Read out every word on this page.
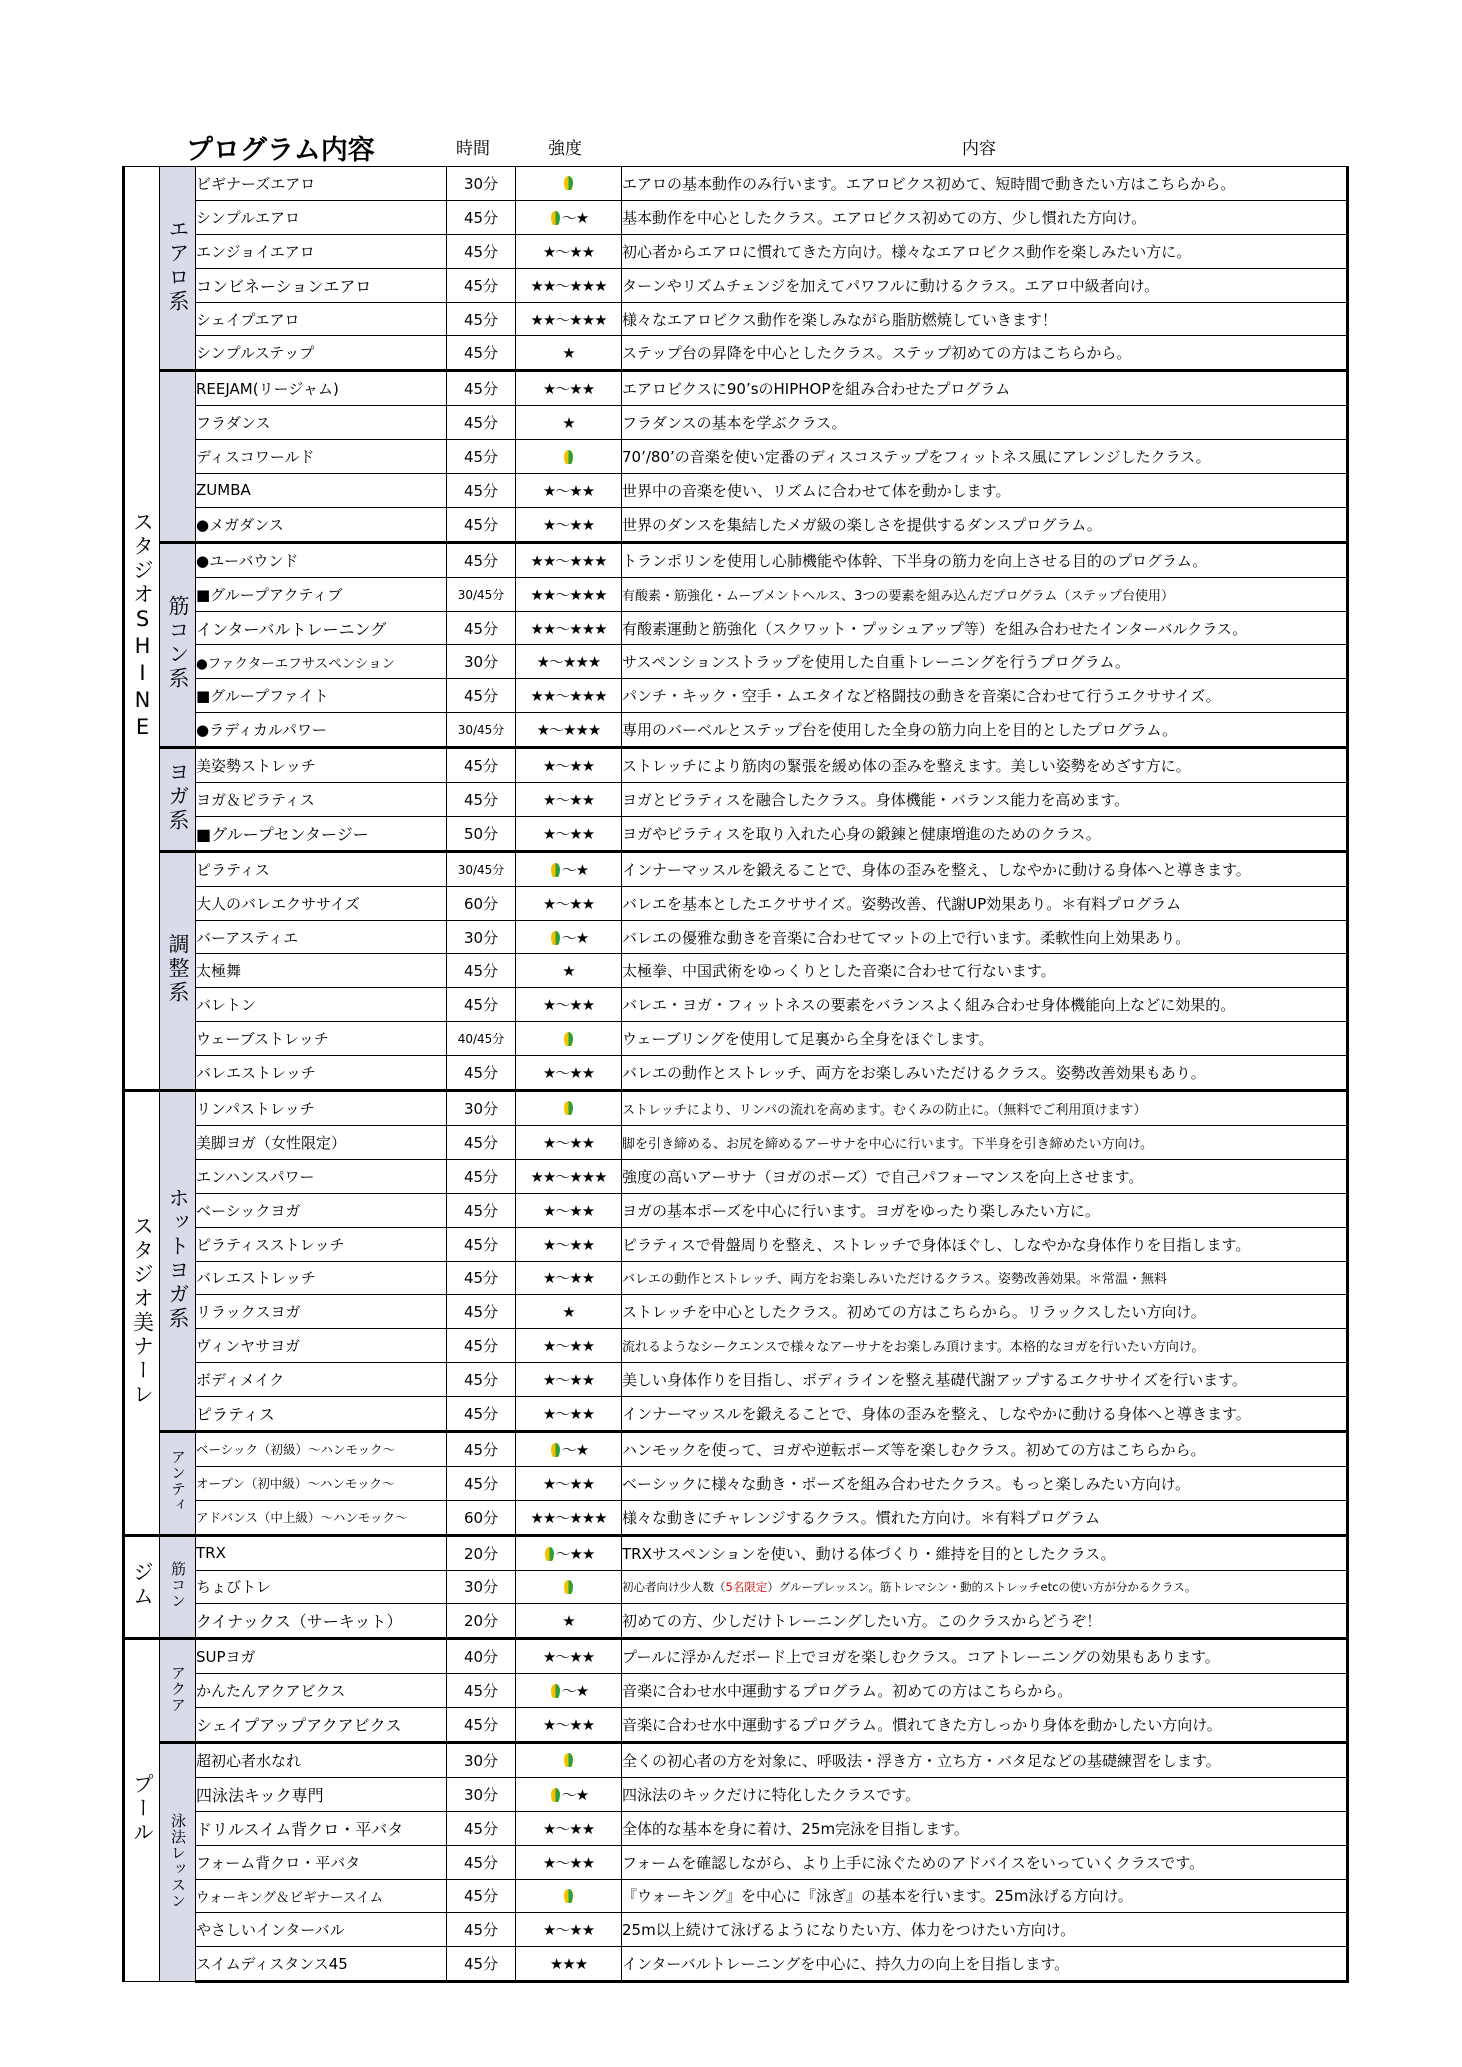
プログラム内容	時間	強度	内容
スタジオSHINE	エアロ系	ビギナーズエアロ	30分		エアロの基本動作のみ行います。エアロビクス初めて、短時間で動きたい方はこちらから。
		シンプルエアロ	45分	～★	基本動作を中心としたクラス。エアロビクス初めての方、少し慣れた方向け。
		エンジョイエアロ	45分	★～★★	初心者からエアロに慣れてきた方向け。様々なエアロビクス動作を楽しみたい方に。
		コンビネーションエアロ	45分	★★～★★★	ターンやリズムチェンジを加えてパワフルに動けるクラス。エアロ中級者向け。
		シェイプエアロ	45分	★★～★★★	様々なエアロビクス動作を楽しみながら脂肪燃焼していきます！
		シンプルステップ	45分	★	ステップ台の昇降を中心としたクラス。ステップ初めての方はこちらから。
		REEJAM(リージャム)	45分	★～★★	エアロビクスに90’sのHIPHOPを組み合わせたプログラム
		フラダンス	45分	★	フラダンスの基本を学ぶクラス。
		ディスコワールド	45分		70’/80’の音楽を使い定番のディスコステップをフィットネス風にアレンジしたクラス。
		ZUMBA	45分	★～★★	世界中の音楽を使い、リズムに合わせて体を動かします。
		●メガダンス	45分	★～★★	世界のダンスを集結したメガ級の楽しさを提供するダンスプログラム。
	筋コン系	●ユーバウンド	45分	★★～★★★	トランポリンを使用し心肺機能や体幹、下半身の筋力を向上させる目的のプログラム。
		■グループアクティブ	30/45分	★★～★★★	有酸素・筋強化・ムーブメントヘルス、3つの要素を組み込んだプログラム（ステップ台使用）
		インターバルトレーニング	45分	★★～★★★	有酸素運動と筋強化（スクワット・プッシュアップ等）を組み合わせたインターバルクラス。
		●ファクターエフサスペンション	30分	★～★★★	サスペンションストラップを使用した自重トレーニングを行うプログラム。
		■グループファイト	45分	★★～★★★	パンチ・キック・空手・ムエタイなど格闘技の動きを音楽に合わせて行うエクササイズ。
		●ラディカルパワー	30/45分	★～★★★	専用のバーベルとステップ台を使用した全身の筋力向上を目的としたプログラム。
	ヨガ系	美姿勢ストレッチ	45分	★～★★	ストレッチにより筋肉の緊張を緩め体の歪みを整えます。美しい姿勢をめざす方に。
		ヨガ＆ピラティス	45分	★～★★	ヨガとピラティスを融合したクラス。身体機能・バランス能力を高めます。
		■グループセンタージー	50分	★～★★	ヨガやピラティスを取り入れた心身の鍛錬と健康増進のためのクラス。
	調整系	ピラティス	30/45分	～★	インナーマッスルを鍛えることで、身体の歪みを整え、しなやかに動ける身体へと導きます。
		大人のバレエクササイズ	60分	★～★★	バレエを基本としたエクササイズ。姿勢改善、代謝UP効果あり。＊有料プログラム
		バーアスティエ	30分	～★	バレエの優雅な動きを音楽に合わせてマットの上で行います。柔軟性向上効果あり。
		太極舞	45分	★	太極拳、中国武術をゆっくりとした音楽に合わせて行ないます。
		バレトン	45分	★～★★	バレエ・ヨガ・フィットネスの要素をバランスよく組み合わせ身体機能向上などに効果的。
		ウェーブストレッチ	40/45分		ウェーブリングを使用して足裏から全身をほぐします。
		バレエストレッチ	45分	★～★★	バレエの動作とストレッチ、両方をお楽しみいただけるクラス。姿勢改善効果もあり。
スタジオ美ナーレ	ホットヨガ系	リンパストレッチ	30分		ストレッチにより、リンパの流れを高めます。むくみの防止に。（無料でご利用頂けます）
		美脚ヨガ（女性限定）	45分	★～★★	脚を引き締める、お尻を締めるアーサナを中心に行います。下半身を引き締めたい方向け。
		エンハンスパワー	45分	★★～★★★	強度の高いアーサナ（ヨガのポーズ）で自己パフォーマンスを向上させます。
		ベーシックヨガ	45分	★～★★	ヨガの基本ポーズを中心に行います。ヨガをゆったり楽しみたい方に。
		ピラティスストレッチ	45分	★～★★	ピラティスで骨盤周りを整え、ストレッチで身体ほぐし、しなやかな身体作りを目指します。
		バレエストレッチ	45分	★～★★	バレエの動作とストレッチ、両方をお楽しみいただけるクラス。姿勢改善効果。＊常温・無料
		リラックスヨガ	45分	★	ストレッチを中心としたクラス。初めての方はこちらから。リラックスしたい方向け。
		ヴィンヤサヨガ	45分	★～★★	流れるようなシークエンスで様々なアーサナをお楽しみ頂けます。本格的なヨガを行いたい方向け。
		ボディメイク	45分	★～★★	美しい身体作りを目指し、ボディラインを整え基礎代謝アップするエクササイズを行います。
		ピラティス	45分	★～★★	インナーマッスルを鍛えることで、身体の歪みを整え、しなやかに動ける身体へと導きます。
	アンティ	ベーシック（初級）～ハンモック～	45分	～★	ハンモックを使って、ヨガや逆転ポーズ等を楽しむクラス。初めての方はこちらから。
		オープン（初中級）～ハンモック～	45分	★～★★	ベーシックに様々な動き・ポーズを組み合わせたクラス。もっと楽しみたい方向け。
		アドバンス（中上級）～ハンモック～	60分	★★～★★★	様々な動きにチャレンジするクラス。慣れた方向け。＊有料プログラム
ジム	筋コン	TRX	20分	～★★	TRXサスペンションを使い、動ける体づくり・維持を目的としたクラス。
		ちょびトレ	30分		初心者向け少人数（5名限定）グループレッスン。筋トレマシン・動的ストレッチetcの使い方が分かるクラス。
		クイナックス（サーキット）	20分	★	初めての方、少しだけトレーニングしたい方。このクラスからどうぞ！
プール	アクア	SUPヨガ	40分	★～★★	プールに浮かんだボード上でヨガを楽しむクラス。コアトレーニングの効果もあります。
		かんたんアクアビクス	45分	～★	音楽に合わせ水中運動するプログラム。初めての方はこちらから。
		シェイプアップアクアビクス	45分	★～★★	音楽に合わせ水中運動するプログラム。慣れてきた方しっかり身体を動かしたい方向け。
	泳法レッスン	超初心者水なれ	30分		全くの初心者の方を対象に、呼吸法・浮き方・立ち方・バタ足などの基礎練習をします。
		四泳法キック専門	30分	～★	四泳法のキックだけに特化したクラスです。
		ドリルスイム背クロ・平バタ	45分	★～★★	全体的な基本を身に着け、25m完泳を目指します。
		フォーム背クロ・平バタ	45分	★～★★	フォームを確認しながら、より上手に泳ぐためのアドバイスをいっていくクラスです。
		ウォーキング＆ビギナースイム	45分		『ウォーキング』を中心に『泳ぎ』の基本を行います。25m泳げる方向け。
		やさしいインターバル	45分	★～★★	25m以上続けて泳げるようになりたい方、体力をつけたい方向け。
		スイムディスタンス45	45分	★★★	インターバルトレーニングを中心に、持久力の向上を目指します。
